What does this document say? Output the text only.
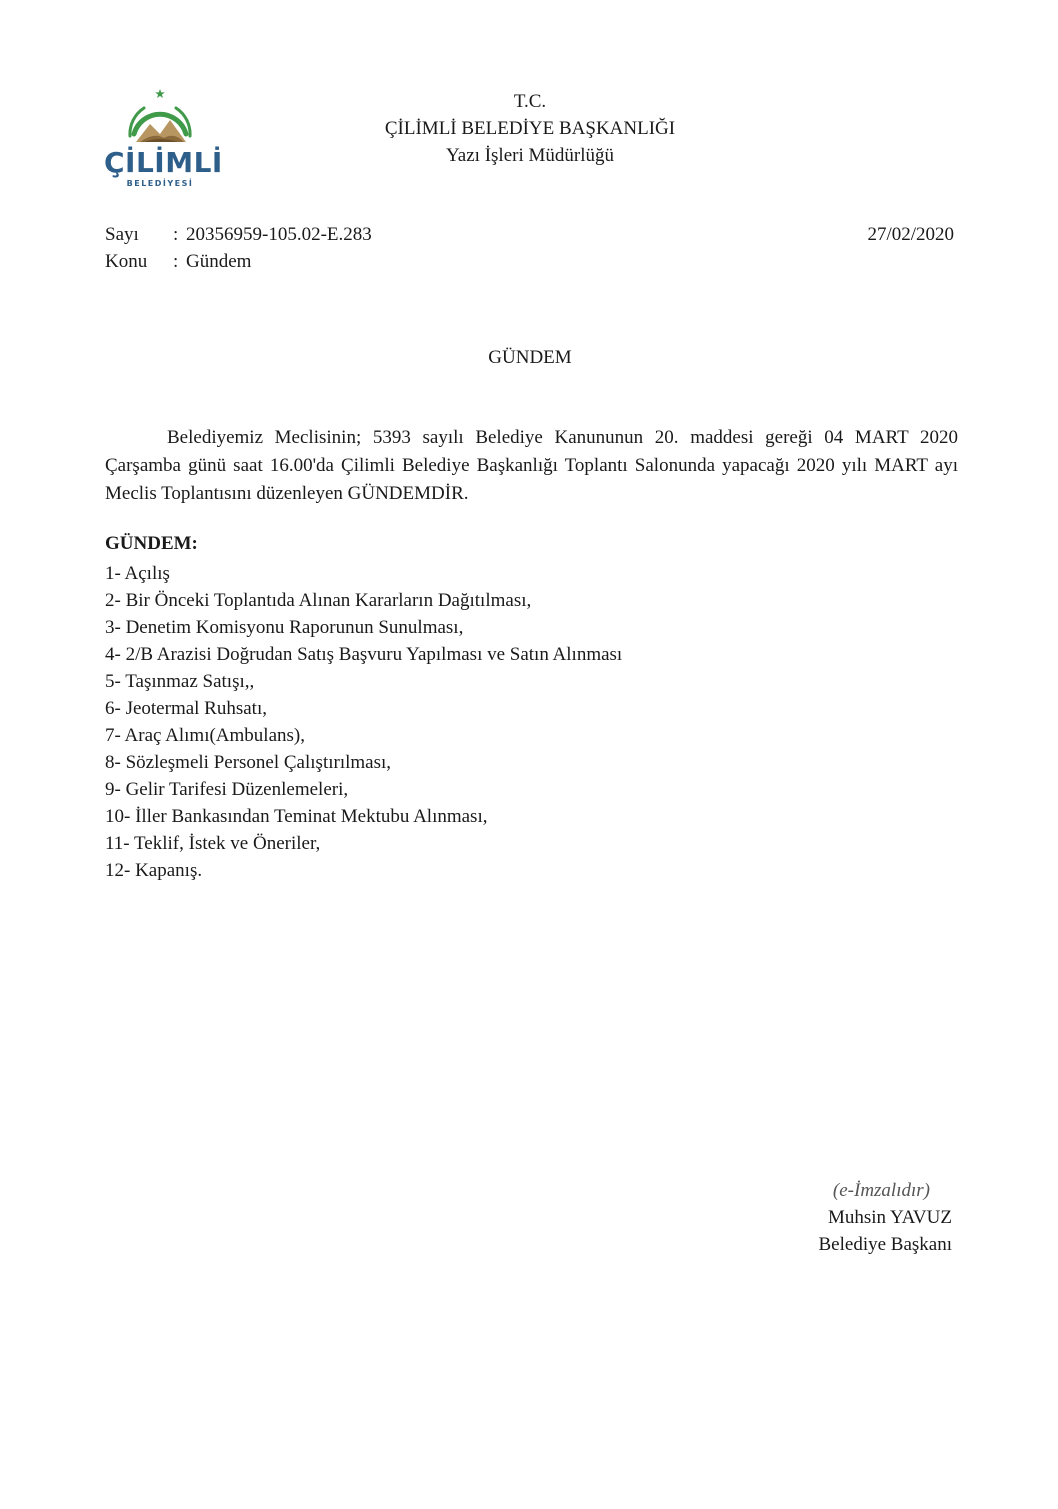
ÇİLİMLİ
BELEDİYESİ
T.C.
ÇİLİMLİ BELEDİYE BAŞKANLIĞI
Yazı İşleri Müdürlüğü
Sayı : 20356959-105.02-E.283	27/02/2020
Konu : Gündem
GÜNDEM
Belediyemiz Meclisinin; 5393 sayılı Belediye Kanununun 20. maddesi gereği 04 MART 2020 Çarşamba günü saat 16.00'da Çilimli Belediye Başkanlığı Toplantı Salonunda yapacağı 2020 yılı MART ayı Meclis Toplantısını düzenleyen GÜNDEMDİR.
GÜNDEM:
1- Açılış
2- Bir Önceki Toplantıda Alınan Kararların Dağıtılması,
3- Denetim Komisyonu Raporunun Sunulması,
4- 2/B Arazisi Doğrudan Satış Başvuru Yapılması ve Satın Alınması
5- Taşınmaz Satışı,,
6- Jeotermal Ruhsatı,
7- Araç Alımı(Ambulans),
8- Sözleşmeli Personel Çalıştırılması,
9- Gelir Tarifesi Düzenlemeleri,
10- İller Bankasından Teminat Mektubu Alınması,
11- Teklif, İstek ve Öneriler,
12- Kapanış.
(e-İmzalıdır)
Muhsin YAVUZ
Belediye Başkanı
